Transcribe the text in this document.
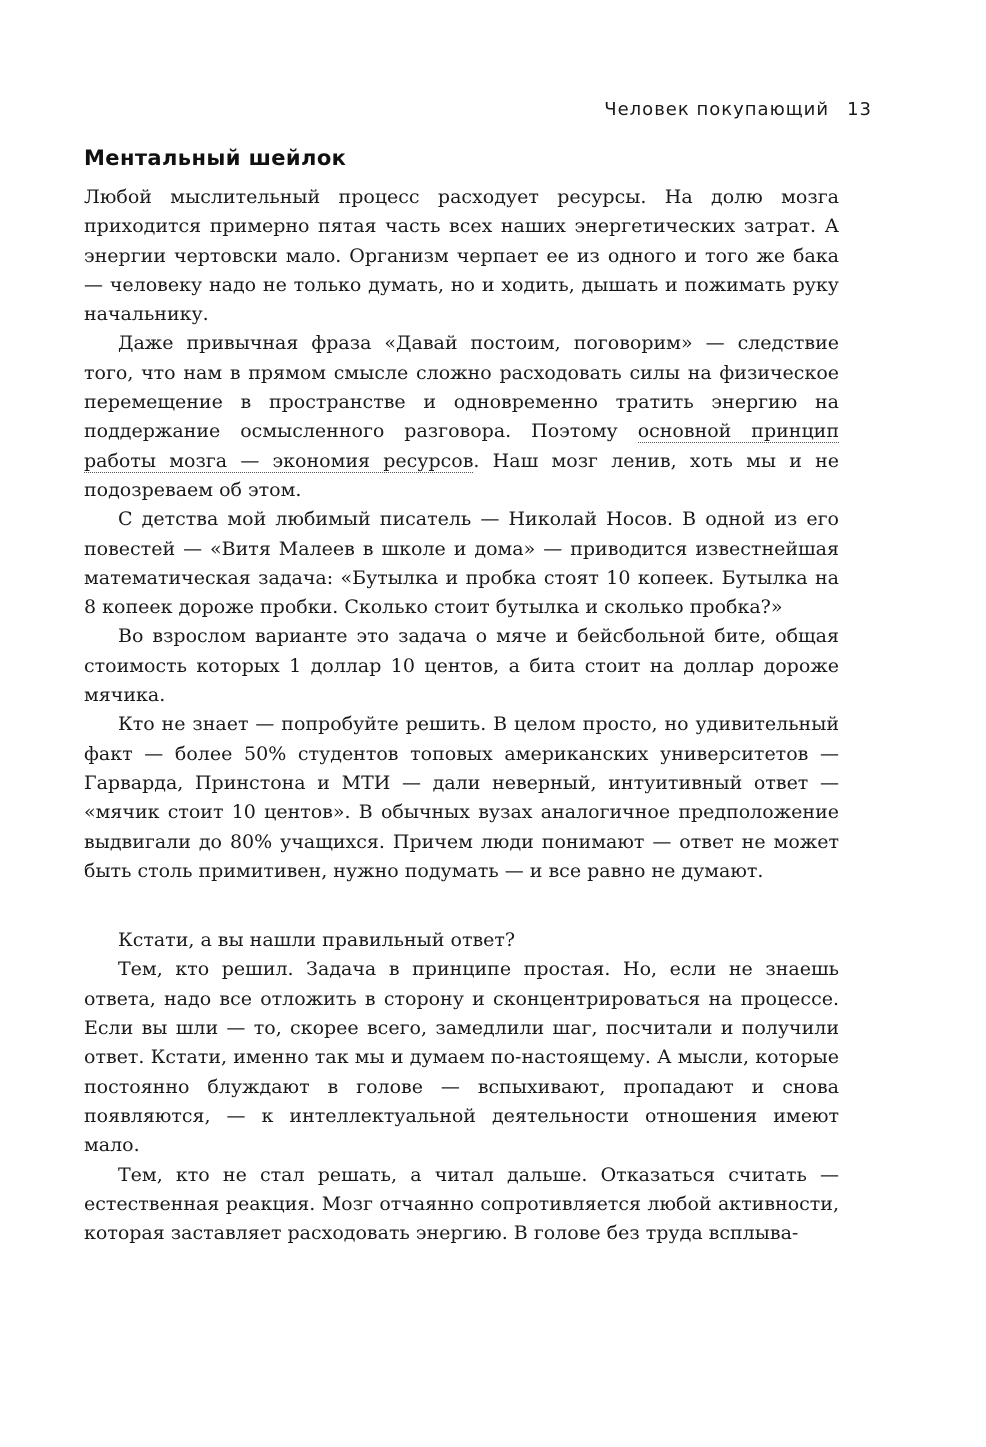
Человек покупающий 13
Ментальный шейлок

Любой мыслительный процесс расходует ресурсы. На долю мозга приходится примерно пятая часть всех наших энергетических затрат. А энергии чертовски мало. Организм черпает ее из одного и того же бака — человеку надо не только думать, но и ходить, дышать и пожимать руку начальнику.

Даже привычная фраза «Давай постоим, поговорим» — следствие того, что нам в прямом смысле сложно расходовать силы на физическое перемещение в пространстве и одновременно тратить энергию на поддержание осмысленного разговора. Поэтому основной принцип работы мозга — экономия ресурсов. Наш мозг ленив, хоть мы и не подозреваем об этом.

С детства мой любимый писатель — Николай Носов. В одной из его повестей — «Витя Малеев в школе и дома» — приводится известнейшая математическая задача: «Бутылка и пробка стоят 10 копеек. Бутылка на 8 копеек дороже пробки. Сколько стоит бутылка и сколько пробка?»

Во взрослом варианте это задача о мяче и бейсбольной бите, общая стоимость которых 1 доллар 10 центов, а бита стоит на доллар дороже мячика.

Кто не знает — попробуйте решить. В целом просто, но удивительный факт — более 50% студентов топовых американских университетов — Гарварда, Принстона и МТИ — дали неверный, интуитивный ответ — «мячик стоит 10 центов». В обычных вузах аналогичное предположение выдвигали до 80% учащихся. Причем люди понимают — ответ не может быть столь примитивен, нужно подумать — и все равно не думают.

Кстати, а вы нашли правильный ответ?

Тем, кто решил. Задача в принципе простая. Но, если не знаешь ответа, надо все отложить в сторону и сконцентрироваться на процессе. Если вы шли — то, скорее всего, замедлили шаг, посчитали и получили ответ. Кстати, именно так мы и думаем по-настоящему. А мысли, которые постоянно блуждают в голове — вспыхивают, пропадают и снова появляются, — к интеллектуальной деятельности отношения имеют мало.

Тем, кто не стал решать, а читал дальше. Отказаться считать — естественная реакция. Мозг отчаянно сопротивляется любой активности, которая заставляет расходовать энергию. В голове без труда всплыва-
